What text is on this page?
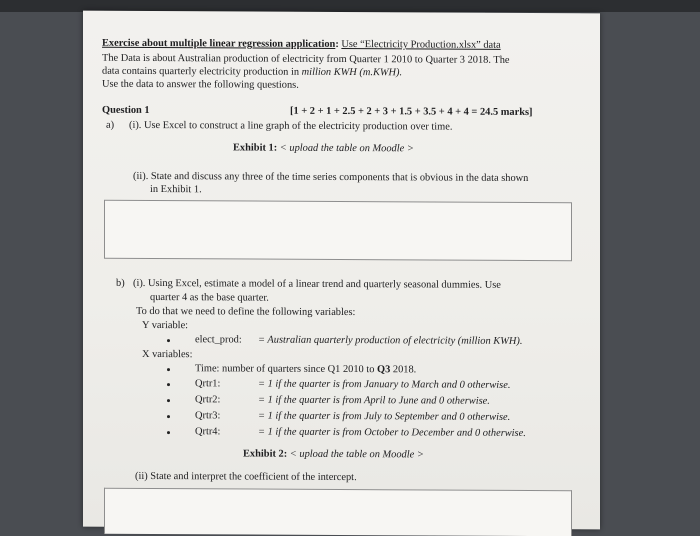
Exercise about multiple linear regression application: Use “Electricity Production.xlsx” data
The Data is about Australian production of electricity from Quarter 1 2010 to Quarter 3 2018. The
data contains quarterly electricity production in million KWH (m.KWH).
Use the data to answer the following questions.
Question 1	[1 + 2 + 1 + 2.5 + 2 + 3 + 1.5 + 3.5 + 4 + 4 = 24.5 marks]
a) (i). Use Excel to construct a line graph of the electricity production over time.
Exhibit 1: < upload the table on Moodle >
(ii). State and discuss any three of the time series components that is obvious in the data shown
in Exhibit 1.
b) (i). Using Excel, estimate a model of a linear trend and quarterly seasonal dummies. Use
quarter 4 as the base quarter.
To do that we need to define the following variables:
Y variable:
elect_prod: = Australian quarterly production of electricity (million KWH).
X variables:
Time: number of quarters since Q1 2010 to Q3 2018.
Qrtr1:	= 1 if the quarter is from January to March and 0 otherwise.
Qrtr2:	= 1 if the quarter is from April to June and 0 otherwise.
Qrtr3:	= 1 if the quarter is from July to September and 0 otherwise.
Qrtr4:	= 1 if the quarter is from October to December and 0 otherwise.
Exhibit 2: < upload the table on Moodle >
(ii) State and interpret the coefficient of the intercept.
